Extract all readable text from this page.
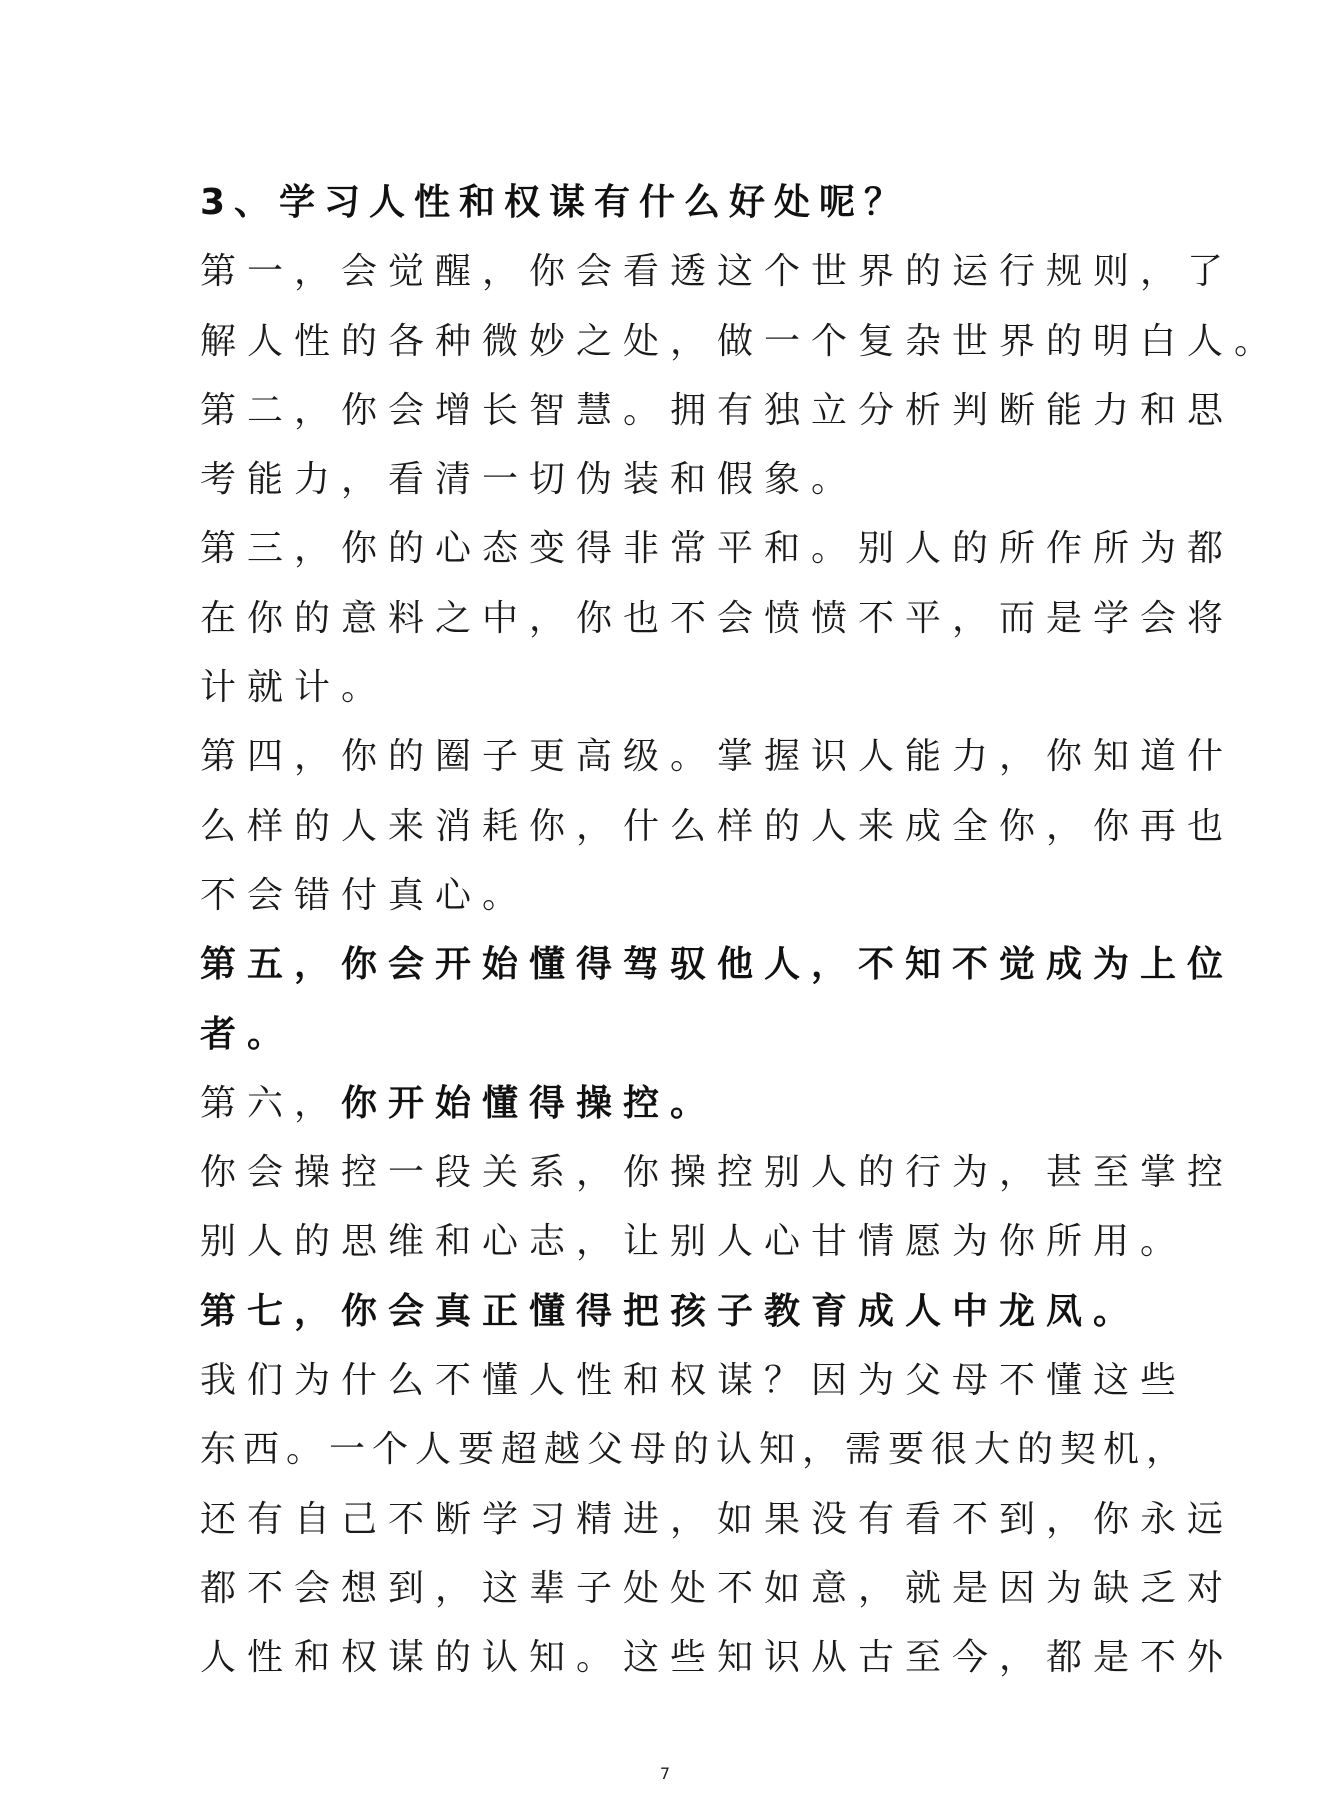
3、学习人性和权谋有什么好处呢？
第一，会觉醒，你会看透这个世界的运行规则，了
解人性的各种微妙之处，做一个复杂世界的明白人。
第二，你会增长智慧。拥有独立分析判断能力和思
考能力，看清一切伪装和假象。
第三，你的心态变得非常平和。别人的所作所为都
在你的意料之中，你也不会愤愤不平，而是学会将
计就计。
第四，你的圈子更高级。掌握识人能力，你知道什
么样的人来消耗你，什么样的人来成全你，你再也
不会错付真心。
第五，你会开始懂得驾驭他人，不知不觉成为上位
者。
第六，你开始懂得操控。
你会操控一段关系，你操控别人的行为，甚至掌控
别人的思维和心志，让别人心甘情愿为你所用。
第七，你会真正懂得把孩子教育成人中龙凤。
我们为什么不懂人性和权谋？因为父母不懂这些
东西。一个人要超越父母的认知，需要很大的契机，
还有自己不断学习精进，如果没有看不到，你永远
都不会想到，这辈子处处不如意，就是因为缺乏对
人性和权谋的认知。这些知识从古至今，都是不外
7
